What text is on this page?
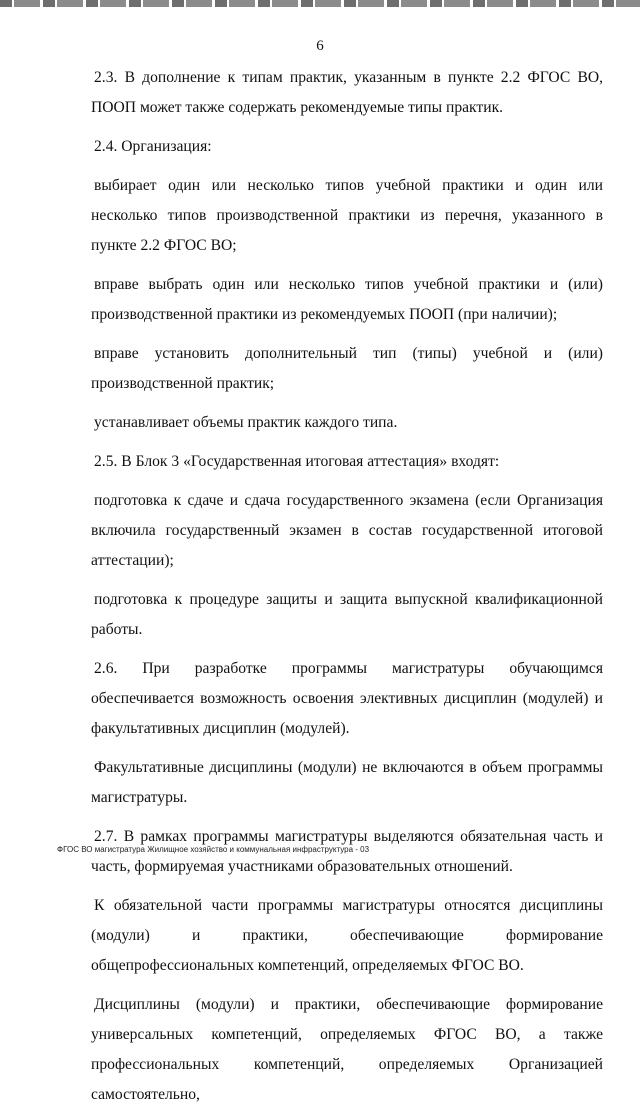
6

2.3. В дополнение к типам практик, указанным в пункте 2.2 ФГОС ВО, ПООП может также содержать рекомендуемые типы практик.

2.4. Организация:

выбирает один или несколько типов учебной практики и один или несколько типов производственной практики из перечня, указанного в пункте 2.2 ФГОС ВО;

вправе выбрать один или несколько типов учебной практики и (или) производственной практики из рекомендуемых ПООП (при наличии);

вправе установить дополнительный тип (типы) учебной и (или) производственной практик;

устанавливает объемы практик каждого типа.

2.5. В Блок 3 «Государственная итоговая аттестация» входят:

подготовка к сдаче и сдача государственного экзамена (если Организация включила государственный экзамен в состав государственной итоговой аттестации);

подготовка к процедуре защиты и защита выпускной квалификационной работы.

2.6. При разработке программы магистратуры обучающимся обеспечивается возможность освоения элективных дисциплин (модулей) и факультативных дисциплин (модулей).

Факультативные дисциплины (модули) не включаются в объем программы магистратуры.

2.7. В рамках программы магистратуры выделяются обязательная часть и часть, формируемая участниками образовательных отношений.

К обязательной части программы магистратуры относятся дисциплины (модули) и практики, обеспечивающие формирование общепрофессиональных компетенций, определяемых ФГОС ВО.

Дисциплины (модули) и практики, обеспечивающие формирование универсальных компетенций, определяемых ФГОС ВО, а также профессиональных компетенций, определяемых Организацией самостоятельно,

ФГОС ВО магистратура Жилищное хозяйство и коммунальная инфраструктура - 03
